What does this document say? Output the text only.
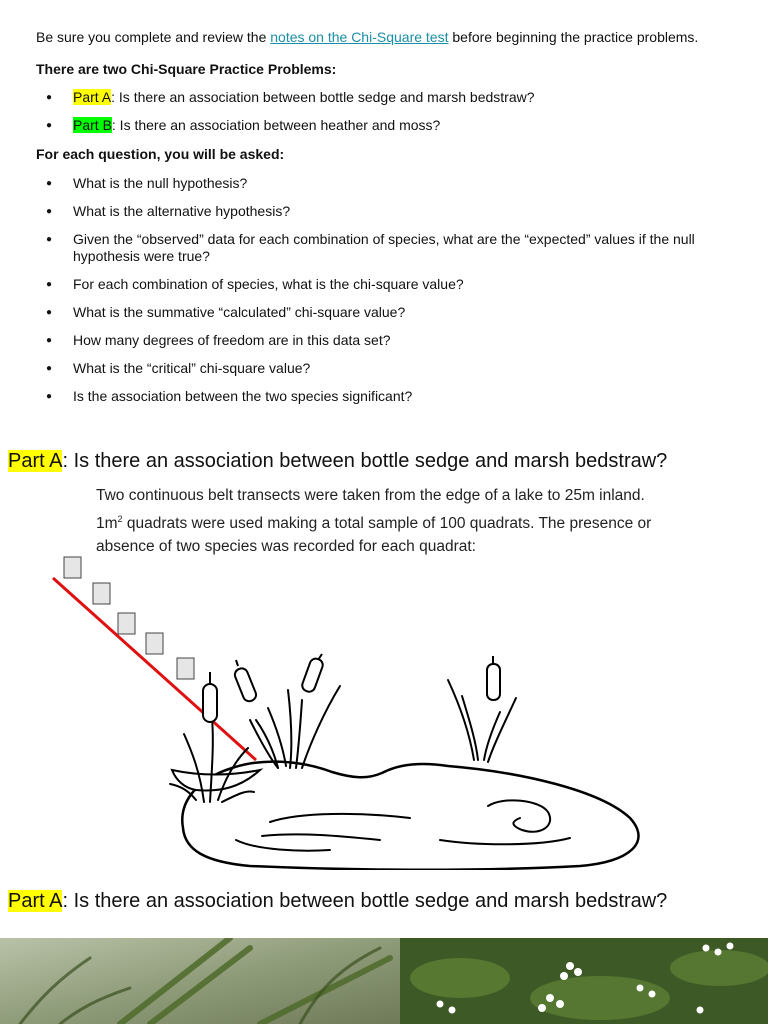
Be sure you complete and review the notes on the Chi-Square test before beginning the practice problems.
There are two Chi-Square Practice Problems:
● Part A: Is there an association between bottle sedge and marsh bedstraw?
● Part B: Is there an association between heather and moss?
For each question, you will be asked:
● What is the null hypothesis?
● What is the alternative hypothesis?
● Given the “observed” data for each combination of species, what are the “expected” values if the null hypothesis were true?
● For each combination of species, what is the chi-square value?
● What is the summative “calculated” chi-square value?
● How many degrees of freedom are in this data set?
● What is the “critical” chi-square value?
● Is the association between the two species significant?
Part A: Is there an association between bottle sedge and marsh bedstraw?
Two continuous belt transects were taken from the edge of a lake to 25m inland.
$1m^2$ quadrats were used making a total sample of 100 quadrats. The presence or
absence of two species was recorded for each quadrat:
Part A: Is there an association between bottle sedge and marsh bedstraw?
